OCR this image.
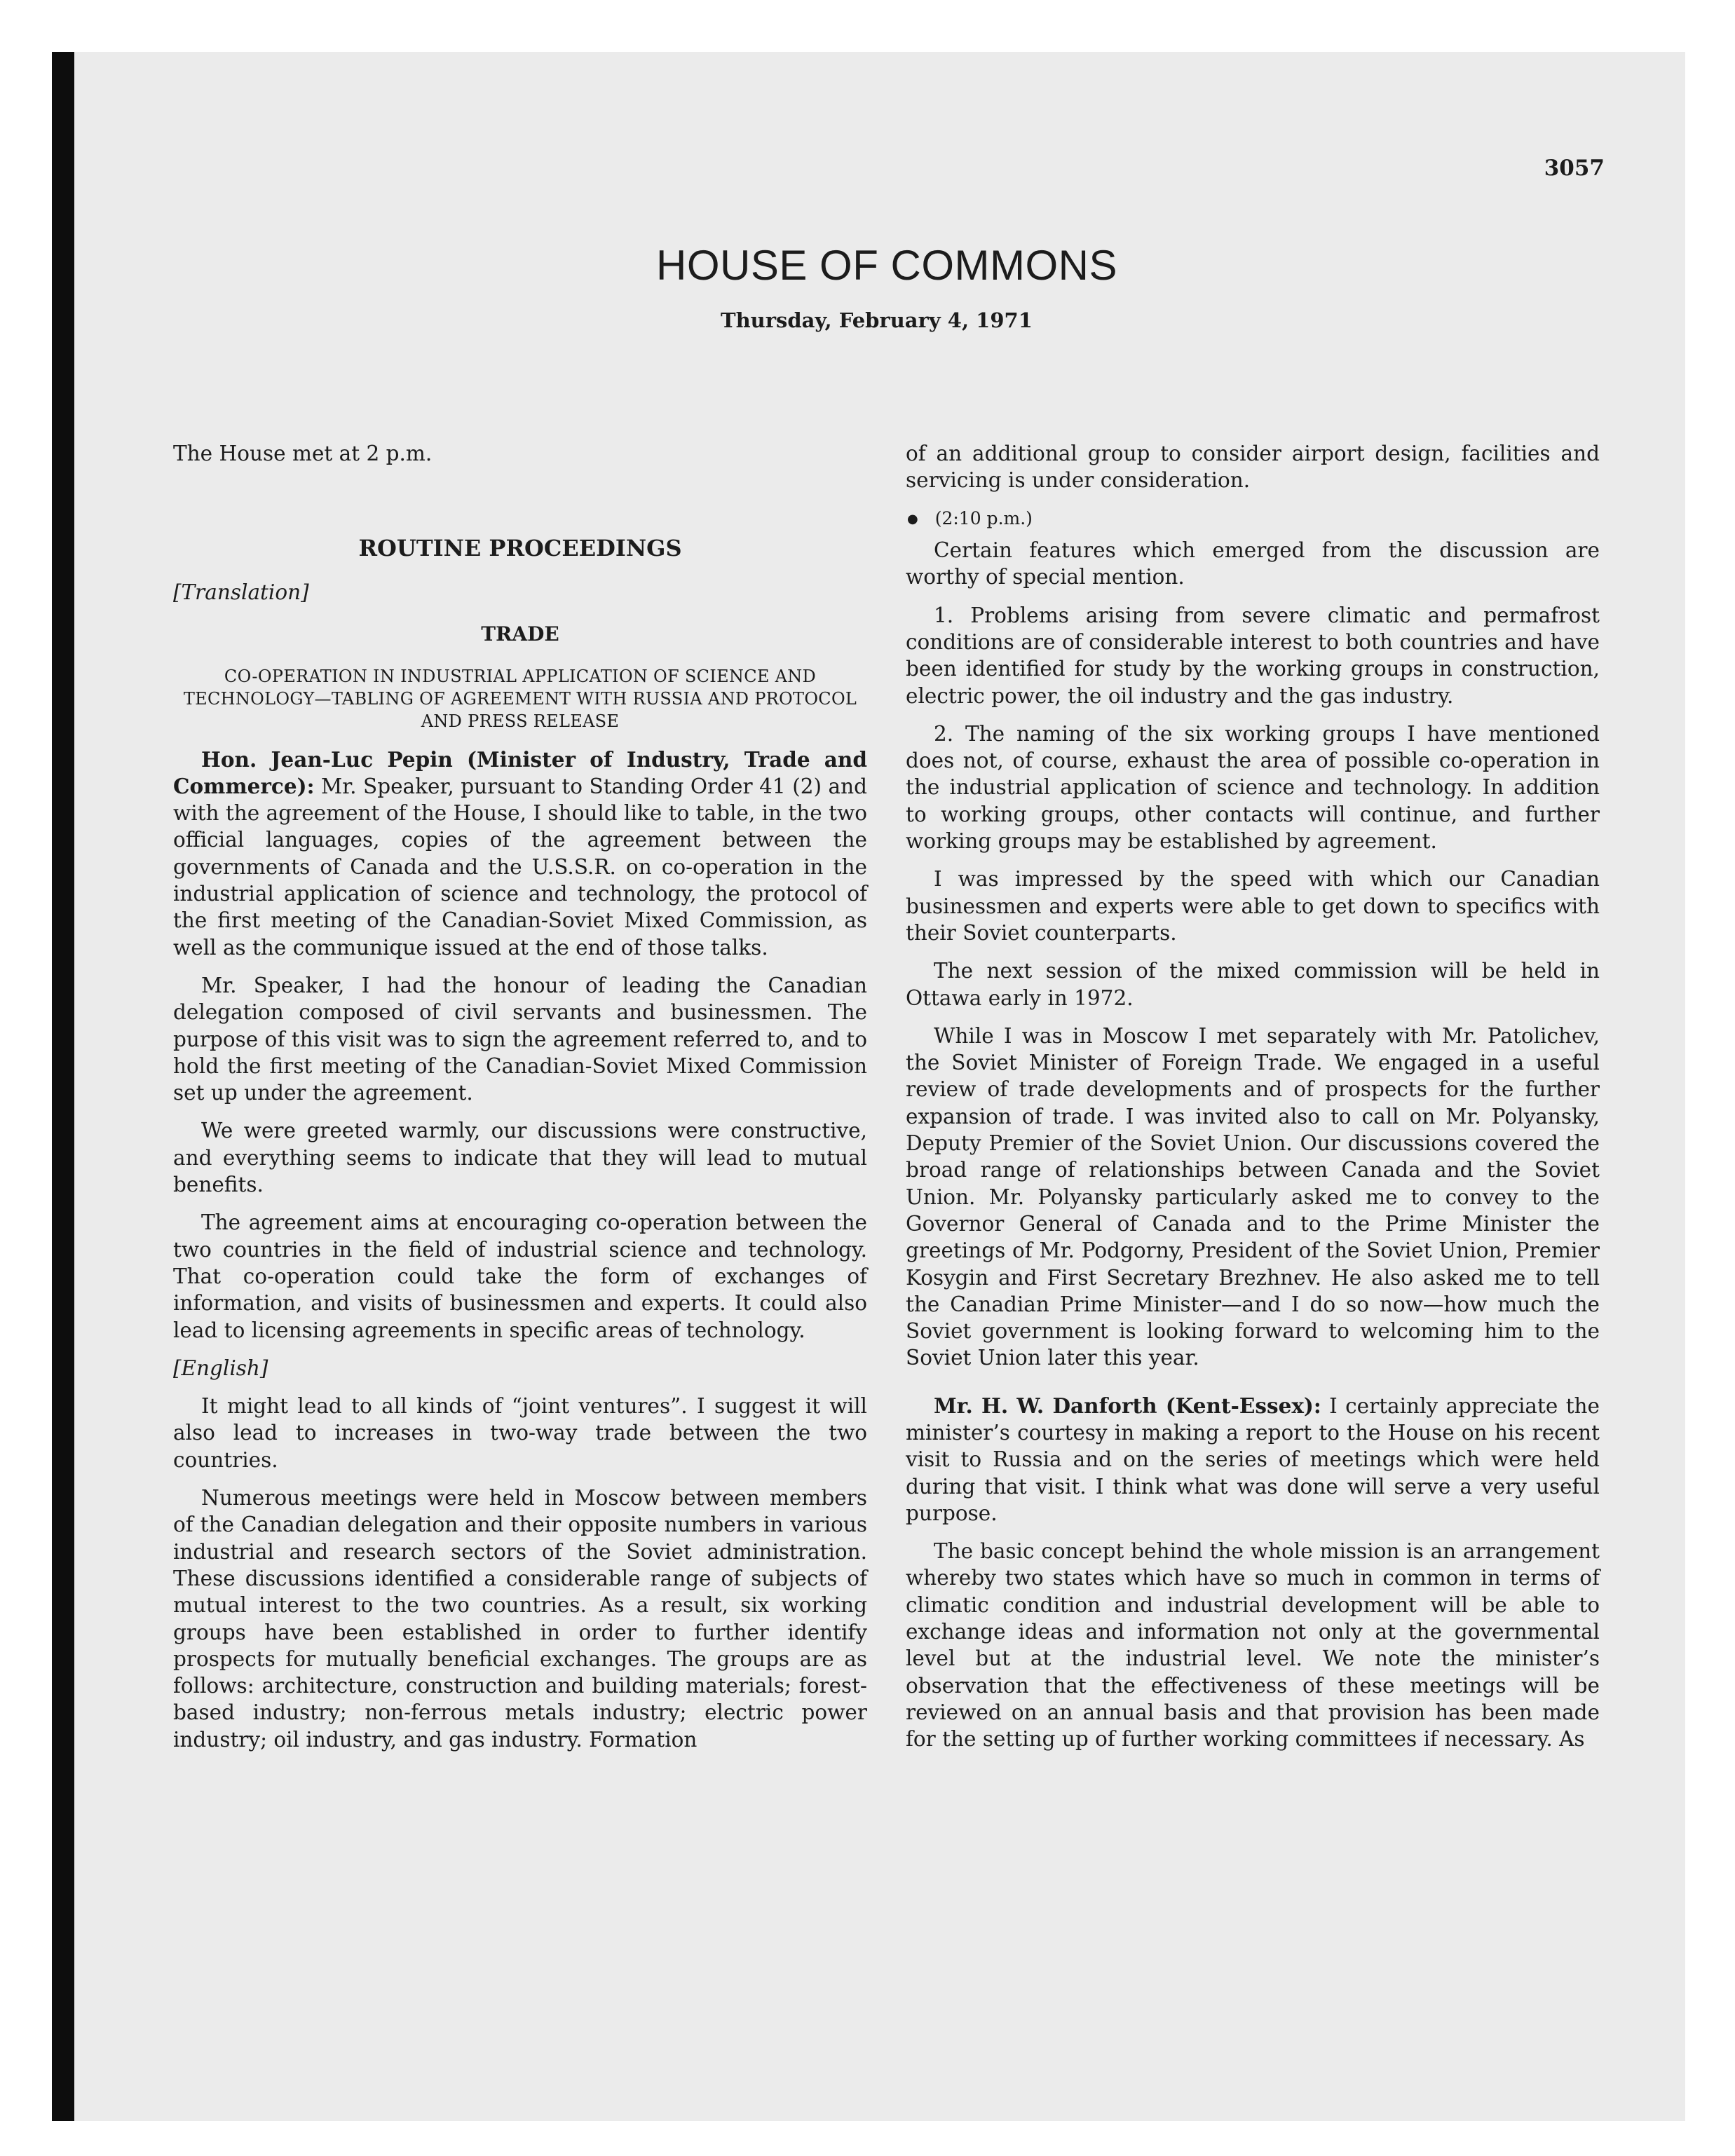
3057
HOUSE OF COMMONS
Thursday, February 4, 1971

The House met at 2 p.m.

ROUTINE PROCEEDINGS

[Translation]

TRADE
CO-OPERATION IN INDUSTRIAL APPLICATION OF SCIENCE AND TECHNOLOGY—TABLING OF AGREEMENT WITH RUSSIA AND PROTOCOL AND PRESS RELEASE

Hon. Jean-Luc Pepin (Minister of Industry, Trade and Commerce): Mr. Speaker, pursuant to Standing Order 41 (2) and with the agreement of the House, I should like to table, in the two official languages, copies of the agreement between the governments of Canada and the U.S.S.R. on co-operation in the industrial application of science and technology, the protocol of the first meeting of the Canadian-Soviet Mixed Commission, as well as the communique issued at the end of those talks.

Mr. Speaker, I had the honour of leading the Canadian delegation composed of civil servants and businessmen. The purpose of this visit was to sign the agreement referred to, and to hold the first meeting of the Canadian-Soviet Mixed Commission set up under the agreement.

We were greeted warmly, our discussions were constructive, and everything seems to indicate that they will lead to mutual benefits.

The agreement aims at encouraging co-operation between the two countries in the field of industrial science and technology. That co-operation could take the form of exchanges of information, and visits of businessmen and experts. It could also lead to licensing agreements in specific areas of technology.

[English]

It might lead to all kinds of “joint ventures”. I suggest it will also lead to increases in two-way trade between the two countries.

Numerous meetings were held in Moscow between members of the Canadian delegation and their opposite numbers in various industrial and research sectors of the Soviet administration. These discussions identified a considerable range of subjects of mutual interest to the two countries. As a result, six working groups have been established in order to further identify prospects for mutually beneficial exchanges. The groups are as follows: architecture, construction and building materials; forest-based industry; non-ferrous metals industry; electric power industry; oil industry, and gas industry. Formation

of an additional group to consider airport design, facilities and servicing is under consideration.

● (2:10 p.m.)

Certain features which emerged from the discussion are worthy of special mention.

1. Problems arising from severe climatic and permafrost conditions are of considerable interest to both countries and have been identified for study by the working groups in construction, electric power, the oil industry and the gas industry.

2. The naming of the six working groups I have mentioned does not, of course, exhaust the area of possible co-operation in the industrial application of science and technology. In addition to working groups, other contacts will continue, and further working groups may be established by agreement.

I was impressed by the speed with which our Canadian businessmen and experts were able to get down to specifics with their Soviet counterparts.

The next session of the mixed commission will be held in Ottawa early in 1972.

While I was in Moscow I met separately with Mr. Patolichev, the Soviet Minister of Foreign Trade. We engaged in a useful review of trade developments and of prospects for the further expansion of trade. I was invited also to call on Mr. Polyansky, Deputy Premier of the Soviet Union. Our discussions covered the broad range of relationships between Canada and the Soviet Union. Mr. Polyansky particularly asked me to convey to the Governor General of Canada and to the Prime Minister the greetings of Mr. Podgorny, President of the Soviet Union, Premier Kosygin and First Secretary Brezhnev. He also asked me to tell the Canadian Prime Minister—and I do so now—how much the Soviet government is looking forward to welcoming him to the Soviet Union later this year.

Mr. H. W. Danforth (Kent-Essex): I certainly appreciate the minister’s courtesy in making a report to the House on his recent visit to Russia and on the series of meetings which were held during that visit. I think what was done will serve a very useful purpose.

The basic concept behind the whole mission is an arrangement whereby two states which have so much in common in terms of climatic condition and industrial development will be able to exchange ideas and information not only at the governmental level but at the industrial level. We note the minister’s observation that the effectiveness of these meetings will be reviewed on an annual basis and that provision has been made for the setting up of further working committees if necessary. As
